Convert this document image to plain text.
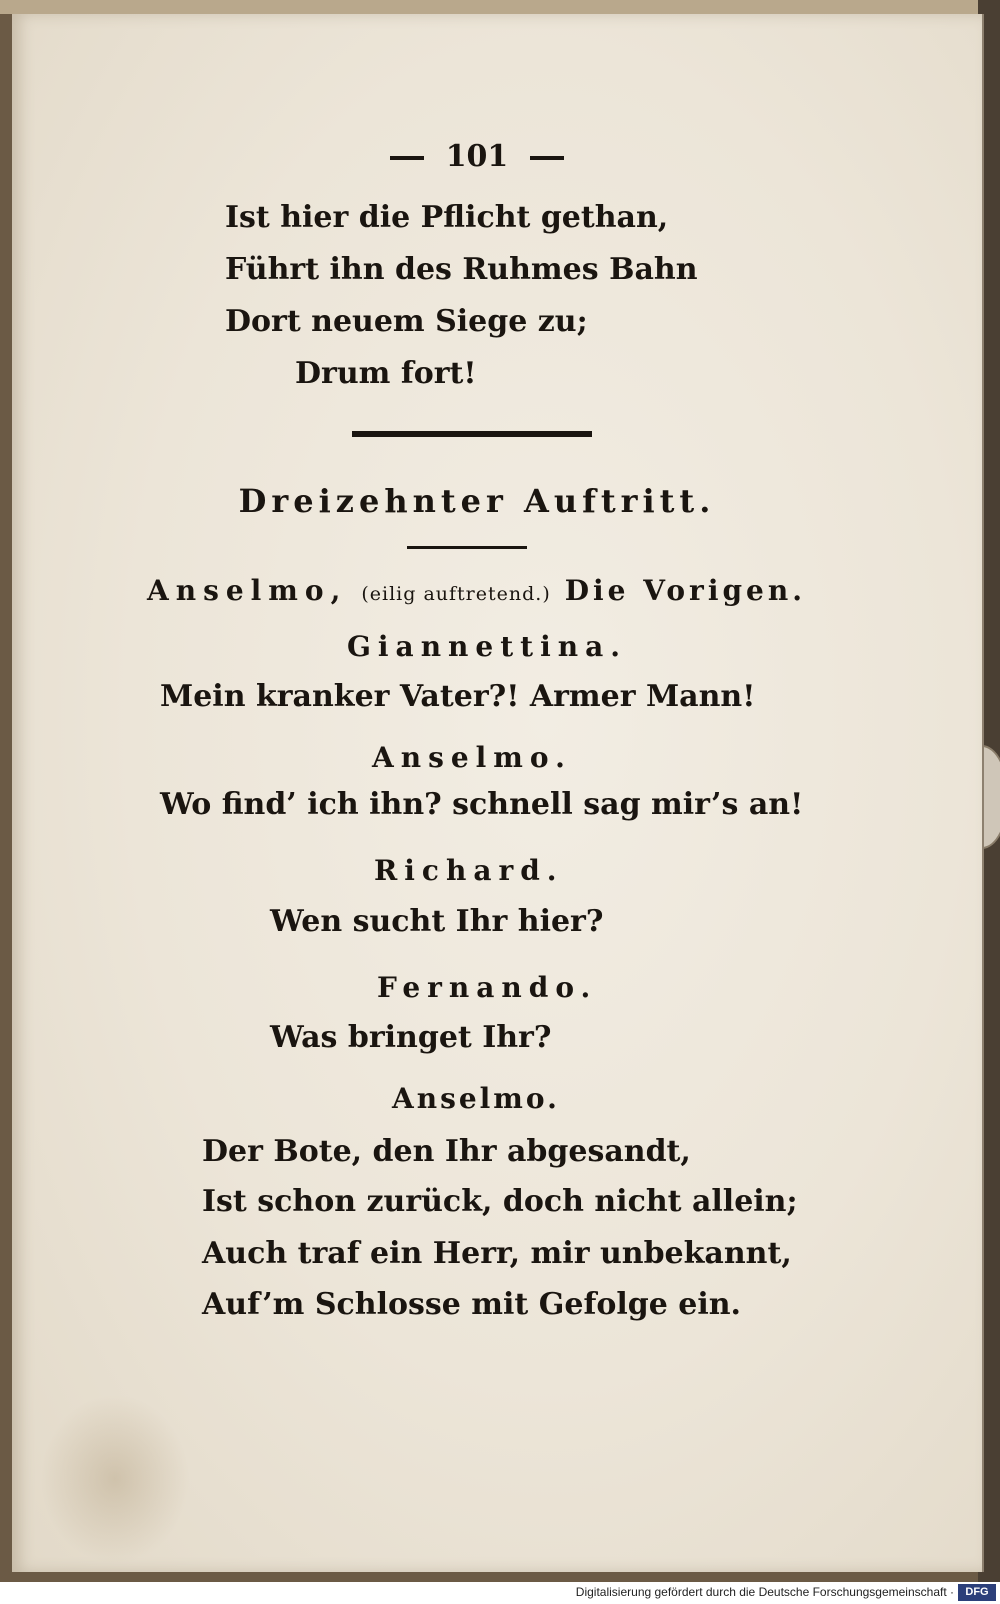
101

Ist hier die Pflicht gethan,

Führt ihn des Ruhmes Bahn

Dort neuem Siege zu;

Drum fort!

Dreizehnter Auftritt.

Anselmo, (eilig auftretend.) Die Vorigen.

Giannettina.

Mein kranker Vater?! Armer Mann!

Anselmo.

Wo find’ ich ihn? schnell sag mir’s an!

Richard.

Wen sucht Ihr hier?

Fernando.

Was bringet Ihr?

Anselmo.

Der Bote, den Ihr abgesandt,

Ist schon zurück, doch nicht allein;

Auch traf ein Herr, mir unbekannt,

Auf’m Schlosse mit Gefolge ein.

Digitalisierung gefördert durch die Deutsche Forschungsgemeinschaft ·	DFG
